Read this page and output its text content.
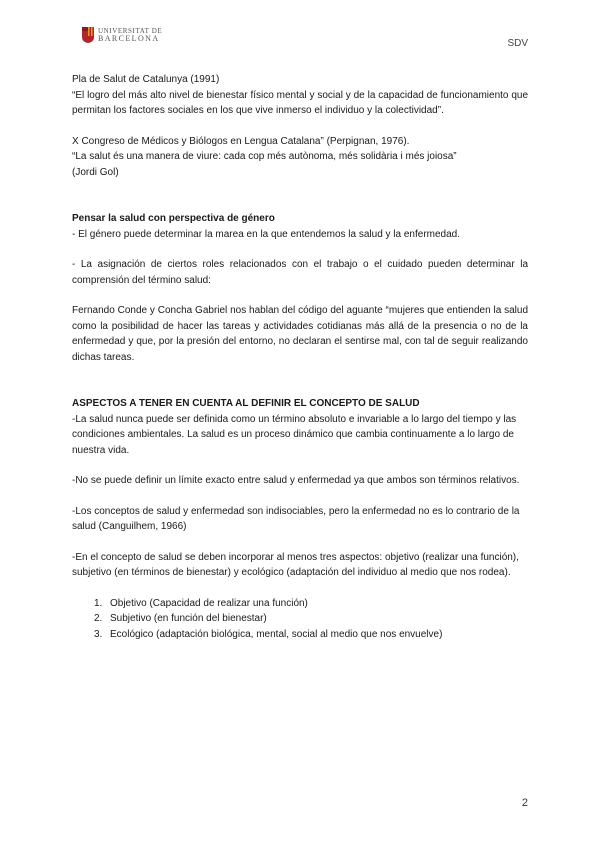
UNIVERSITAT DE
BARCELONA	SDV

Pla de Salut de Catalunya (1991)

“El logro del más alto nivel de bienestar físico mental y social y de la capacidad de funcionamiento que permitan los factores sociales en los que vive inmerso el individuo y la colectividad”.

X Congreso de Médicos y Biólogos en Lengua Catalana” (Perpignan, 1976).

“La salut és una manera de viure: cada cop més autònoma, més solidària i més joiosa”

(Jordi Gol)

Pensar la salud con perspectiva de género

- El género puede determinar la marea en la que entendemos la salud y la enfermedad.

- La asignación de ciertos roles relacionados con el trabajo o el cuidado pueden determinar la comprensión del término salud:

Fernando Conde y Concha Gabriel nos hablan del código del aguante “mujeres que entienden la salud como la posibilidad de hacer las tareas y actividades cotidianas más allá de la presencia o no de la enfermedad y que, por la presión del entorno, no declaran el sentirse mal, con tal de seguir realizando dichas tareas.

ASPECTOS A TENER EN CUENTA AL DEFINIR EL CONCEPTO DE SALUD

-La salud nunca puede ser definida como un término absoluto e invariable a lo largo del tiempo y las condiciones ambientales. La salud es un proceso dinámico que cambia continuamente a lo largo de nuestra vida.

-No se puede definir un límite exacto entre salud y enfermedad ya que ambos son términos relativos.

-Los conceptos de salud y enfermedad son indisociables, pero la enfermedad no es lo contrario de la salud (Canguilhem, 1966)

-En el concepto de salud se deben incorporar al menos tres aspectos: objetivo (realizar una función), subjetivo (en términos de bienestar) y ecológico (adaptación del individuo al medio que nos rodea).

1. Objetivo (Capacidad de realizar una función)
2. Subjetivo (en función del bienestar)
3. Ecológico (adaptación biológica, mental, social al medio que nos envuelve)
2
